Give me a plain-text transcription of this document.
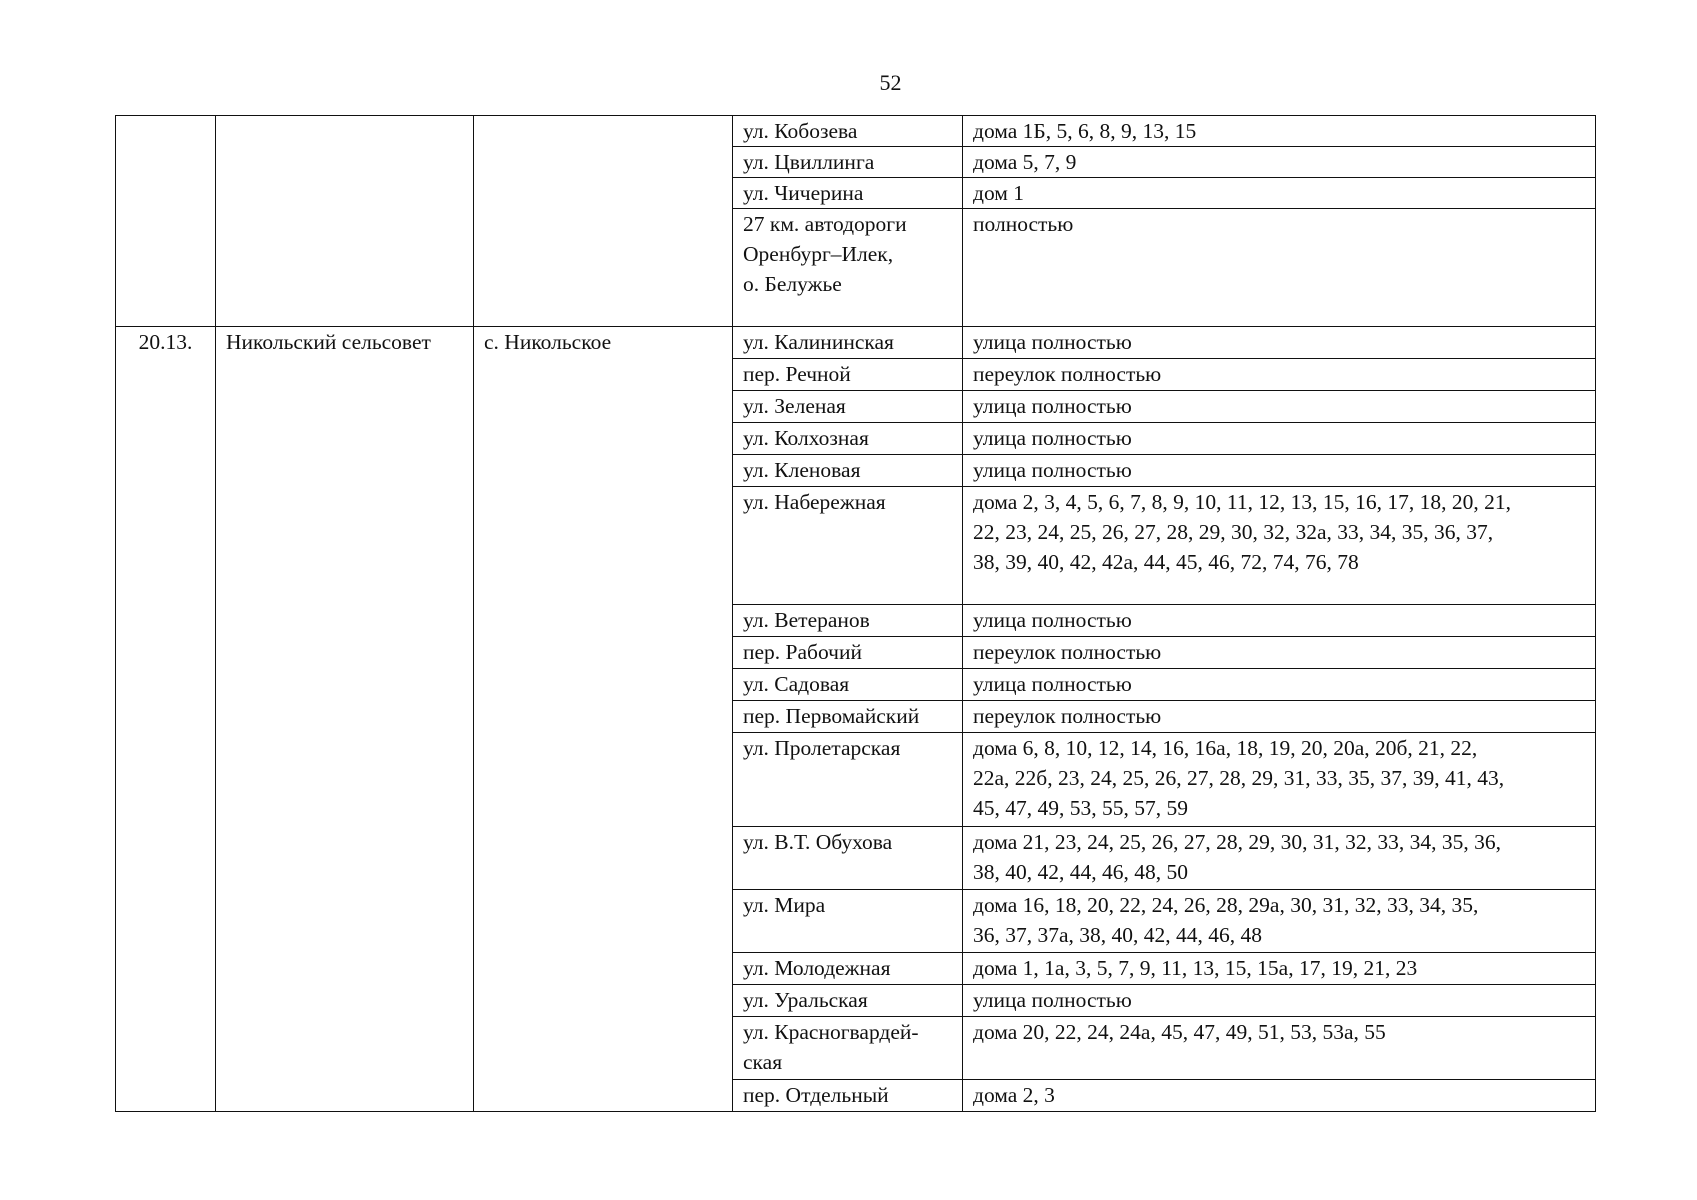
52
			ул. Кобозева	дома 1Б, 5, 6, 8, 9, 13, 15
			ул. Цвиллинга	дома 5, 7, 9
			ул. Чичерина	дом 1

			27 км. автодороги
Оренбург–Илек,
о. Белужье	полностью
20.13.	Никольский сельсовет	с. Никольское	ул. Калининская	улица полностью
			пер. Речной	переулок полностью
			ул. Зеленая	улица полностью
			ул. Колхозная	улица полностью
			ул. Кленовая	улица полностью
			ул. Набережная	дома 2, 3, 4, 5, 6, 7, 8, 9, 10, 11, 12, 13, 15, 16, 17, 18, 20, 21,
22, 23, 24, 25, 26, 27, 28, 29, 30, 32, 32а, 33, 34, 35, 36, 37,
38, 39, 40, 42, 42а, 44, 45, 46, 72, 74, 76, 78

			ул. Ветеранов	улица полностью
			пер. Рабочий	переулок полностью
			ул. Садовая	улица полностью
			пер. Первомайский	переулок полностью
			ул. Пролетарская	дома 6, 8, 10, 12, 14, 16, 16а, 18, 19, 20, 20а, 20б, 21, 22,
22а, 22б, 23, 24, 25, 26, 27, 28, 29, 31, 33, 35, 37, 39, 41, 43,
45, 47, 49, 53, 55, 57, 59

			ул. В.Т. Обухова	дома 21, 23, 24, 25, 26, 27, 28, 29, 30, 31, 32, 33, 34, 35, 36,
38, 40, 42, 44, 46, 48, 50

			ул. Мира	дома 16, 18, 20, 22, 24, 26, 28, 29а, 30, 31, 32, 33, 34, 35,
36, 37, 37а, 38, 40, 42, 44, 46, 48

			ул. Молодежная	дома 1, 1а, 3, 5, 7, 9, 11, 13, 15, 15а, 17, 19, 21, 23
			ул. Уральская	улица полностью

			ул. Красногвардей-
ская	дома 20, 22, 24, 24а, 45, 47, 49, 51, 53, 53а, 55
			пер. Отдельный	дома 2, 3
